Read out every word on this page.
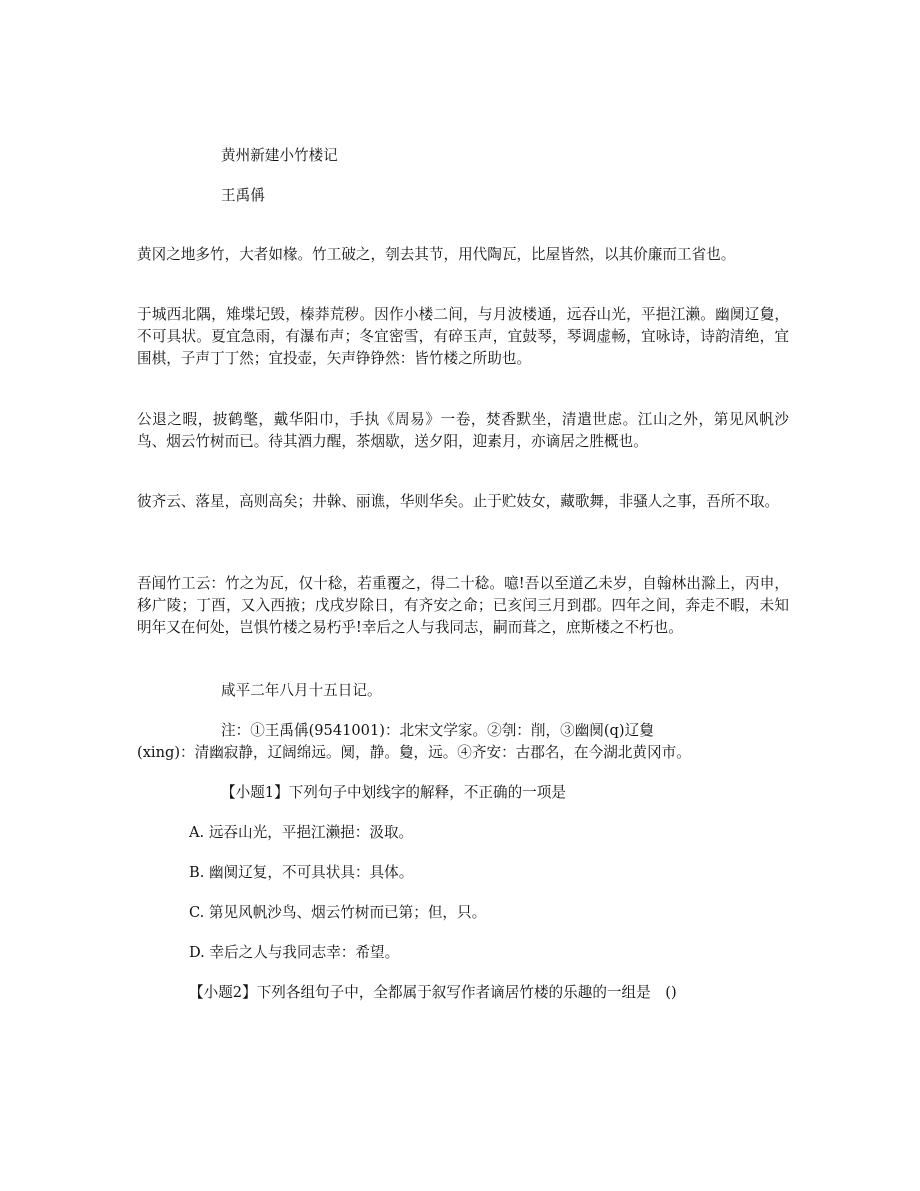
黄州新建小竹楼记
王禹偁

黄冈之地多竹，大者如椽。竹工破之，刳去其节，用代陶瓦，比屋皆然，以其价廉而工省也。

于城西北隅，雉堞圮毁，榛莽荒秽。因作小楼二间，与月波楼通，远吞山光，平挹江濑。幽阒辽敻，不可具状。夏宜急雨，有瀑布声；冬宜密雪，有碎玉声，宜鼓琴，琴调虚畅，宜咏诗，诗韵清绝，宜围棋，子声丁丁然；宜投壶，矢声铮铮然：皆竹楼之所助也。

公退之暇，披鹤氅，戴华阳巾，手执《周易》一卷，焚香默坐，清遣世虑。江山之外，第见风帆沙鸟、烟云竹树而已。待其酒力醒，茶烟歇，送夕阳，迎素月，亦谪居之胜概也。

彼齐云、落星，高则高矣；井榦、丽谯，华则华矣。止于贮妓女，藏歌舞，非骚人之事，吾所不取。

吾闻竹工云：竹之为瓦，仅十稔，若重覆之，得二十稔。噫!吾以至道乙未岁，自翰林出滁上，丙申，移广陵；丁酉，又入西掖；戊戌岁除日，有齐安之命；已亥闰三月到郡。四年之间，奔走不暇，未知明年又在何处，岂惧竹楼之易朽乎!幸后之人与我同志，嗣而葺之，庶斯楼之不朽也。

咸平二年八月十五日记。
注：①王禹偁(9541001)：北宋文学家。②刳：削，③幽阒(q)辽敻
(xing)：清幽寂静，辽阔绵远。阒，静。敻，远。④齐安：古郡名，在今湖北黄冈市。
【小题1】下列句子中划线字的解释，不正确的一项是
A. 远吞山光，平挹江濑挹：汲取。
B. 幽阒辽复，不可具状具：具体。
C. 第见风帆沙鸟、烟云竹树而已第；但，只。
D. 幸后之人与我同志幸：希望。
【小题2】下列各组句子中，全都属于叙写作者谪居竹楼的乐趣的一组是　()
